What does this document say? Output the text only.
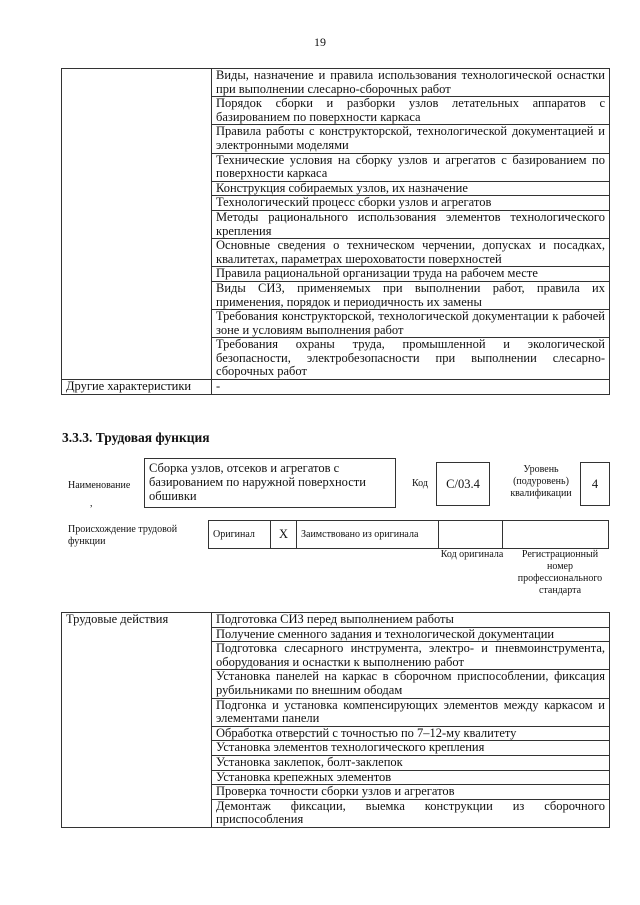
19
	Виды, назначение и правила использования технологической оснастки при выполнении слесарно-сборочных работ
	Порядок сборки и разборки узлов летательных аппаратов с базированием по поверхности каркаса
	Правила работы с конструкторской, технологической документацией и электронными моделями
	Технические условия на сборку узлов и агрегатов с базированием по поверхности каркаса
	Конструкция собираемых узлов, их назначение
	Технологический процесс сборки узлов и агрегатов
	Методы рационального использования элементов технологического крепления
	Основные сведения о техническом черчении, допусках и посадках, квалитетах, параметрах шероховатости поверхностей
	Правила рациональной организации труда на рабочем месте
	Виды СИЗ, применяемых при выполнении работ, правила их применения, порядок и периодичность их замены
	Требования конструкторской, технологической документации к рабочей зоне и условиям выполнения работ
	Требования охраны труда, промышленной и экологической безопасности, электробезопасности при выполнении слесарно-сборочных работ
Другие характеристики	-
3.3.3. Трудовая функция
Наименование
,
Сборка узлов, отсеков и агрегатов с базированием по наружной поверхности обшивки
Код	С/03.4
Уровень (подуровень) квалификации
4
Происхождение трудовой функции
Оригинал	X	Заимствовано из оригинала		
Код оригинала	Регистрационный номер профессионального стандарта
Трудовые действия	Подготовка СИЗ перед выполнением работы
Получение сменного задания и технологической документации
Подготовка слесарного инструмента, электро- и пневмоинструмента, оборудования и оснастки к выполнению работ
Установка панелей на каркас в сборочном приспособлении, фиксация рубильниками по внешним ободам
Подгонка и установка компенсирующих элементов между каркасом и элементами панели
Обработка отверстий с точностью по 7–12-му квалитету
Установка элементов технологического крепления
Установка заклепок, болт-заклепок
Установка крепежных элементов
Проверка точности сборки узлов и агрегатов
Демонтаж фиксации, выемка конструкции из сборочного приспособления
